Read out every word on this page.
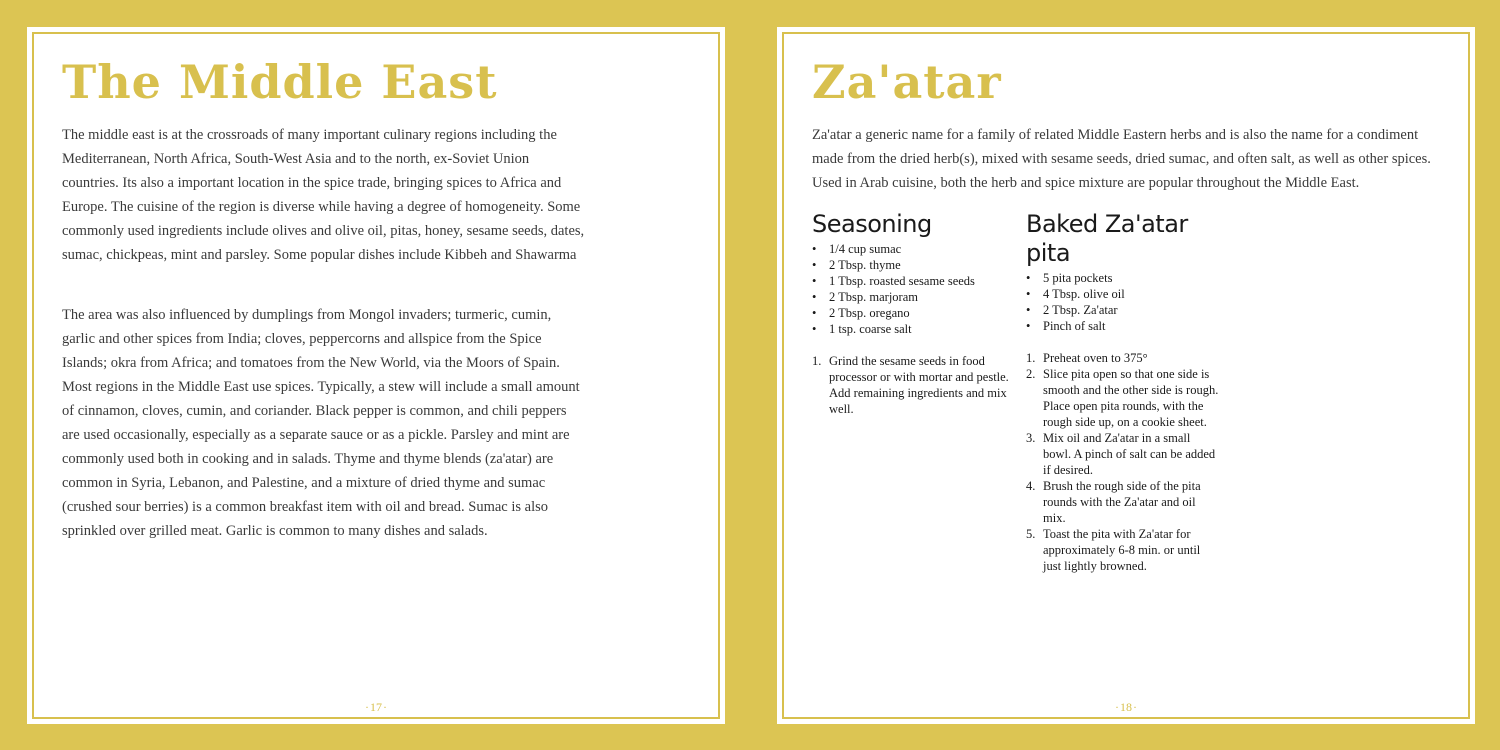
The Middle East

The middle east is at the crossroads of many important culinary regions including the Mediterranean, North Africa, South-West Asia and to the north, ex-Soviet Union countries. Its also a important location in the spice trade, bringing spices to Africa and Europe. The cuisine of the region is diverse while having a degree of homogeneity. Some commonly used ingredients include olives and olive oil, pitas, honey, sesame seeds, dates, sumac, chickpeas, mint and parsley. Some popular dishes include Kibbeh and Shawarma

The area was also influenced by dumplings from Mongol invaders; turmeric, cumin, garlic and other spices from India; cloves, peppercorns and allspice from the Spice Islands; okra from Africa; and tomatoes from the New World, via the Moors of Spain. Most regions in the Middle East use spices. Typically, a stew will include a small amount of cinnamon, cloves, cumin, and coriander. Black pepper is common, and chili peppers are used occasionally, especially as a separate sauce or as a pickle. Parsley and mint are commonly used both in cooking and in salads. Thyme and thyme blends (za'atar) are common in Syria, Lebanon, and Palestine, and a mixture of dried thyme and sumac (crushed sour berries) is a common breakfast item with oil and bread. Sumac is also sprinkled over grilled meat. Garlic is common to many dishes and salads.

·17·
Za'atar

Za'atar a generic name for a family of related Middle Eastern herbs and is also the name for a condiment made from the dried herb(s), mixed with sesame seeds, dried sumac, and often salt, as well as other spices. Used in Arab cuisine, both the herb and spice mixture are popular throughout the Middle East.

Seasoning
• 1/4 cup sumac
• 2 Tbsp. thyme
• 1 Tbsp. roasted sesame seeds
• 2 Tbsp. marjoram
• 2 Tbsp. oregano
• 1 tsp. coarse salt
1. Grind the sesame seeds in food processor or with mortar and pestle. Add remaining ingredients and mix well.
Baked Za'atar pita
• 5 pita pockets
• 4 Tbsp. olive oil
• 2 Tbsp. Za'atar
• Pinch of salt
1. Preheat oven to 375°
2. Slice pita open so that one side is smooth and the other side is rough. Place open pita rounds, with the rough side up, on a cookie sheet.
3. Mix oil and Za'atar in a small bowl. A pinch of salt can be added if desired.
4. Brush the rough side of the pita rounds with the Za'atar and oil mix.
5. Toast the pita with Za'atar for approximately 6-8 min. or until just lightly browned.
·18·
